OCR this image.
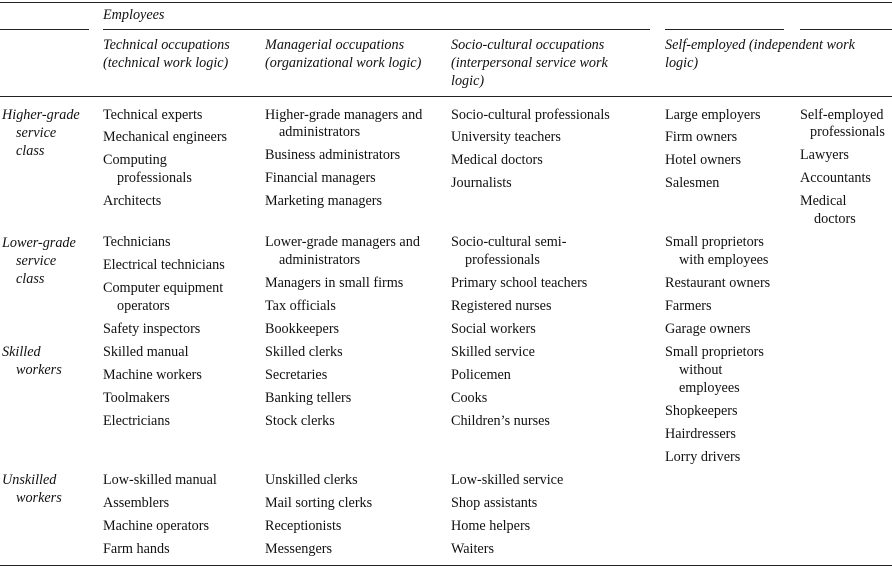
Employees
Technical occupations
(technical work logic)
Managerial occupations
(organizational work logic)
Socio-cultural occupations
(interpersonal service work
logic)
Self-employed (independent work
logic)
Higher-grade
service
class
Lower-grade
service
class
Skilled
workers
Unskilled
workers
Technical experts
Mechanical engineers
Computing
professionals
Architects
Higher-grade managers and
administrators
Business administrators
Financial managers
Marketing managers
Socio-cultural professionals
University teachers
Medical doctors
Journalists
Large employers
Firm owners
Hotel owners
Salesmen
Self-employed
professionals
Lawyers
Accountants
Medical
doctors
Technicians
Electrical technicians
Computer equipment
operators
Safety inspectors
Lower-grade managers and
administrators
Managers in small firms
Tax officials
Bookkeepers
Socio-cultural semi-
professionals
Primary school teachers
Registered nurses
Social workers
Small proprietors
with employees
Restaurant owners
Farmers
Garage owners
Small proprietors
without
employees
Shopkeepers
Hairdressers
Lorry drivers
Skilled manual
Machine workers
Toolmakers
Electricians
Skilled clerks
Secretaries
Banking tellers
Stock clerks
Skilled service
Policemen
Cooks
Children’s nurses
Low-skilled manual
Assemblers
Machine operators
Farm hands
Unskilled clerks
Mail sorting clerks
Receptionists
Messengers
Low-skilled service
Shop assistants
Home helpers
Waiters
